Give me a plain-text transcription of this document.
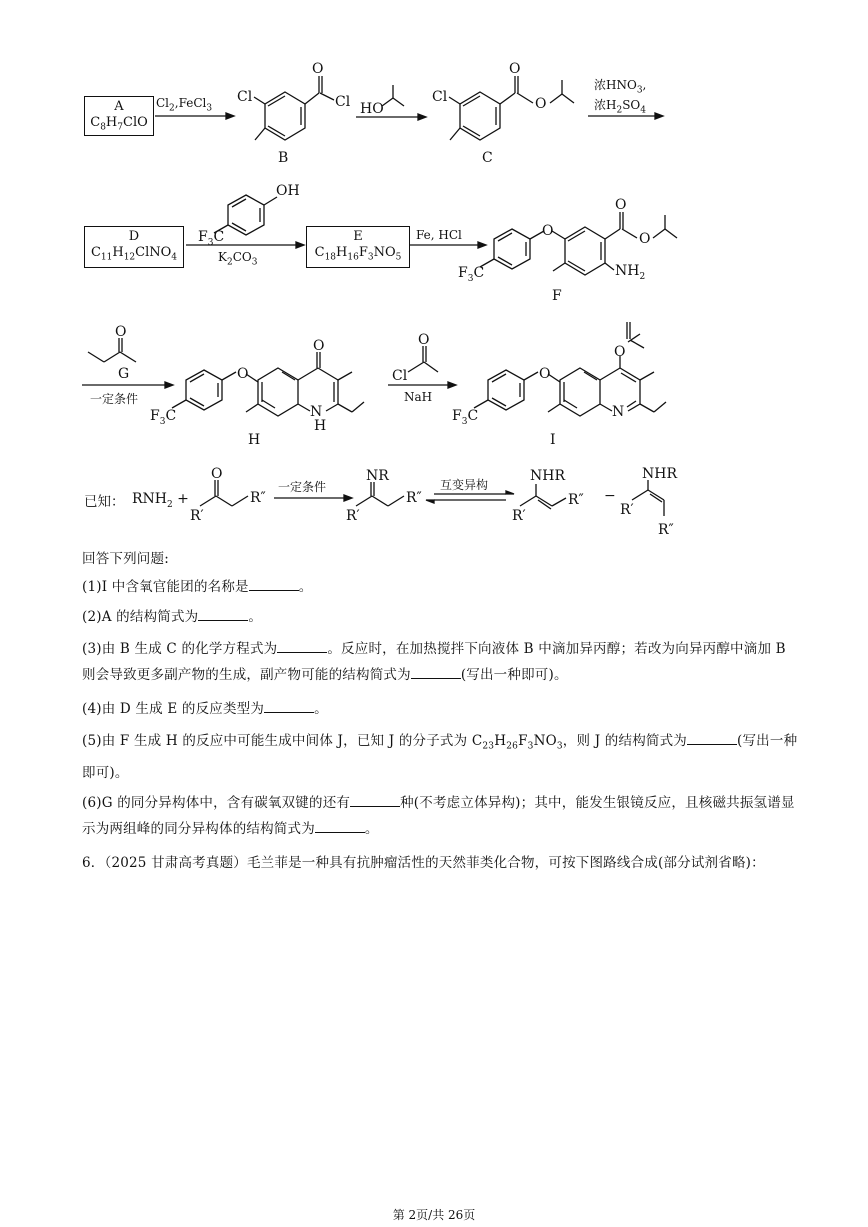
A
$C_8H_7ClO$
$Cl_2,FeCl_3$
Cl
O
Cl HO
Cl
O
O
B	C
浓$HNO_3$,
浓$H_2SO_4$
D
$C_{11}H_{12}ClNO_4$
E
$C_{18}H_{16}F_3NO_5$
$K_2CO_3$
Fe, HCl
OH
$F_3C$	O
O
O
$NH_2$
$F_3C$
F
O
O
O
N
H
$F_3C$
Cl
O
O
O
N
$F_3C$
G
一定条件
H
NaH
I
已知： $RNH_2$ +
O
R′
R″
NR
R′
R″
NHR
R′
R″ −
NHR
R′
R″
一定条件	互变异构
回答下列问题:
(1)I 中含氧官能团的名称是	。
(2)A 的结构简式为	。
(3)由 B 生成 C 的化学方程式为	。反应时，在加热搅拌下向液体 B 中滴加异丙醇；若改为向异丙醇中滴加 B 则会导致更多副产物的生成，副产物可能的结构简式为	(写出一种即可)。
(4)由 D 生成 E 的反应类型为	。
(5)由 F 生成 H 的反应中可能生成中间体 J，已知 J 的分子式为 $C_{23}H_{26}F_3NO_3$，则 J 的结构简式为	(写出一种即可)。
(6)G 的同分异构体中，含有碳氧双键的还有	种(不考虑立体异构)；其中，能发生银镜反应，且核磁共振氢谱显示为两组峰的同分异构体的结构简式为	。
6．（2025 甘肃高考真题）毛兰菲是一种具有抗肿瘤活性的天然菲类化合物，可按下图路线合成(部分试剂省略)：
第 2页/共 26页
